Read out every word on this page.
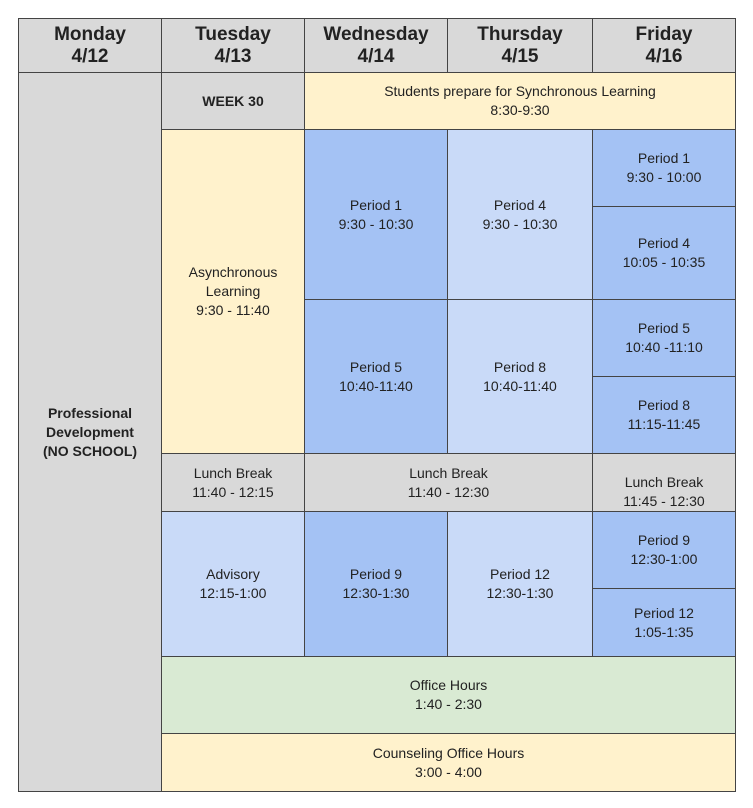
Monday
4/12
Tuesday
4/13
Wednesday
4/14
Thursday
4/15
Friday
4/16
Professional
Development
(NO SCHOOL)
WEEK 30
Students prepare for Synchronous Learning
8:30-9:30
Asynchronous
Learning
9:30 - 11:40
Lunch Break
11:40 - 12:15
Advisory
12:15-1:00
Period 1
9:30 - 10:30
Period 5
10:40-11:40
Period 9
12:30-1:30
Period 4
9:30 - 10:30
Period 8
10:40-11:40
Period 12
12:30-1:30
Lunch Break
11:40 - 12:30
Period 1
9:30 - 10:00
Period 4
10:05 - 10:35
Period 5
10:40 -11:10
Period 8
11:15-11:45
Lunch Break
11:45 - 12:30
Period 9
12:30-1:00
Period 12
1:05-1:35
Office Hours
1:40 - 2:30
Counseling Office Hours
3:00 - 4:00
